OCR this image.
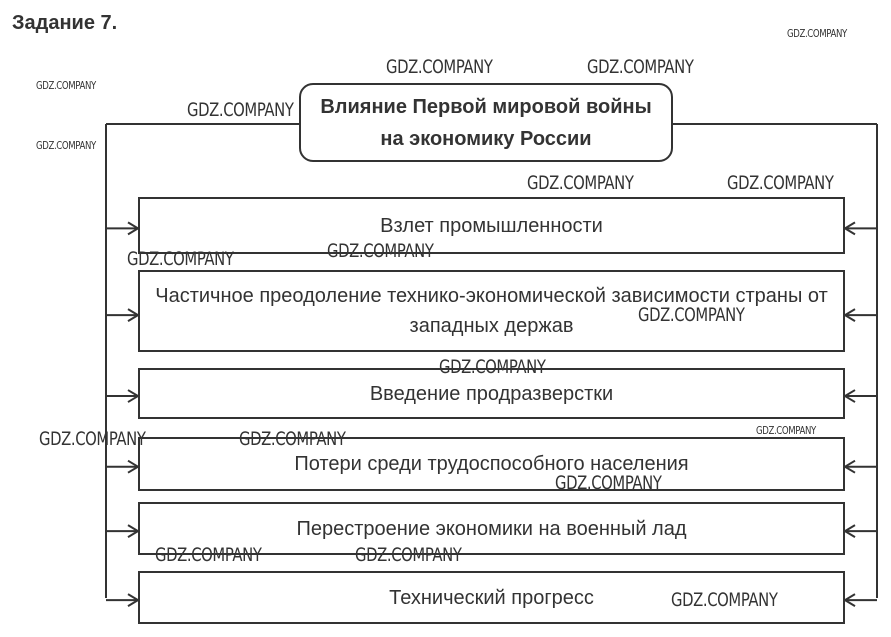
Задание 7.
Влияние Первой мировой войны на экономику России
Взлет промышленности
Частичное преодоление технико-экономической зависимости страны от западных держав
Введение продразверстки
Потери среди трудоспособного населения
Перестроение экономики на военный лад
Технический прогресс
GDZ.COMPANY
GDZ.COMPANY	GDZ.COMPANY
GDZ.COMPANY
GDZ.COMPANY
GDZ.COMPANY
GDZ.COMPANY	GDZ.COMPANY
GDZ.COMPANY
GDZ.COMPANY
GDZ.COMPANY
GDZ.COMPANY
GDZ.COMPANY
GDZ.COMPANY	GDZ.COMPANY
GDZ.COMPANY
GDZ.COMPANY	GDZ.COMPANY
GDZ.COMPANY
